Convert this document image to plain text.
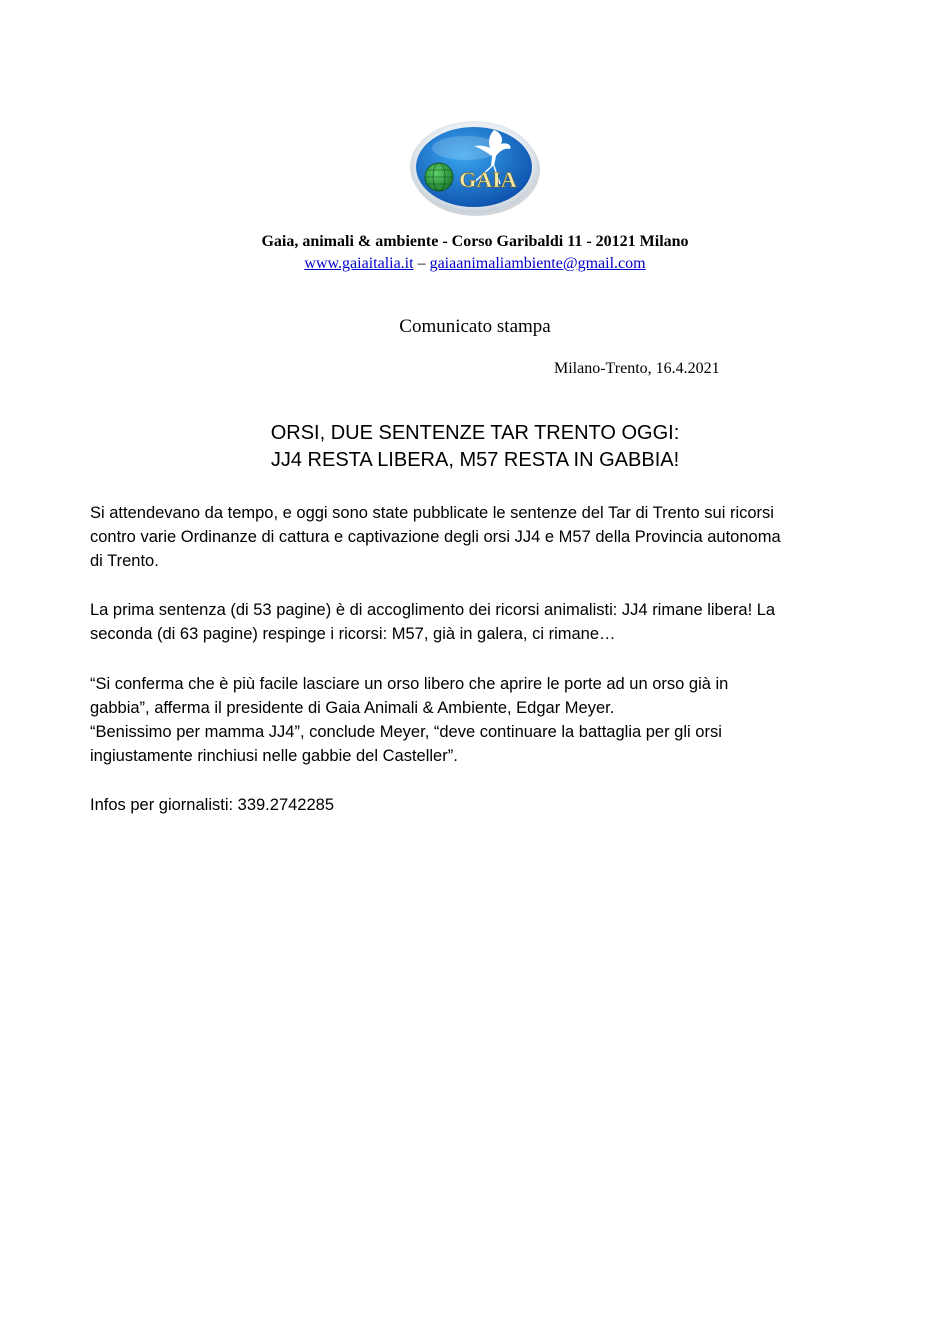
GAIA
Gaia, animali & ambiente - Corso Garibaldi 11 - 20121 Milano
www.gaiaitalia.it – gaiaanimaliambiente@gmail.com
Comunicato stampa
Milano-Trento, 16.4.2021
ORSI, DUE SENTENZE TAR TRENTO OGGI:
JJ4 RESTA LIBERA, M57 RESTA IN GABBIA!
Si attendevano da tempo, e oggi sono state pubblicate le sentenze del Tar di Trento sui ricorsi
contro varie Ordinanze di cattura e captivazione degli orsi JJ4 e M57 della Provincia autonoma
di Trento.
La prima sentenza (di 53 pagine) è di accoglimento dei ricorsi animalisti: JJ4 rimane libera! La
seconda (di 63 pagine) respinge i ricorsi: M57, già in galera, ci rimane…
“Si conferma che è più facile lasciare un orso libero che aprire le porte ad un orso già in
gabbia”, afferma il presidente di Gaia Animali & Ambiente, Edgar Meyer.
“Benissimo per mamma JJ4”, conclude Meyer, “deve continuare la battaglia per gli orsi
ingiustamente rinchiusi nelle gabbie del Casteller”.
Infos per giornalisti: 339.2742285
